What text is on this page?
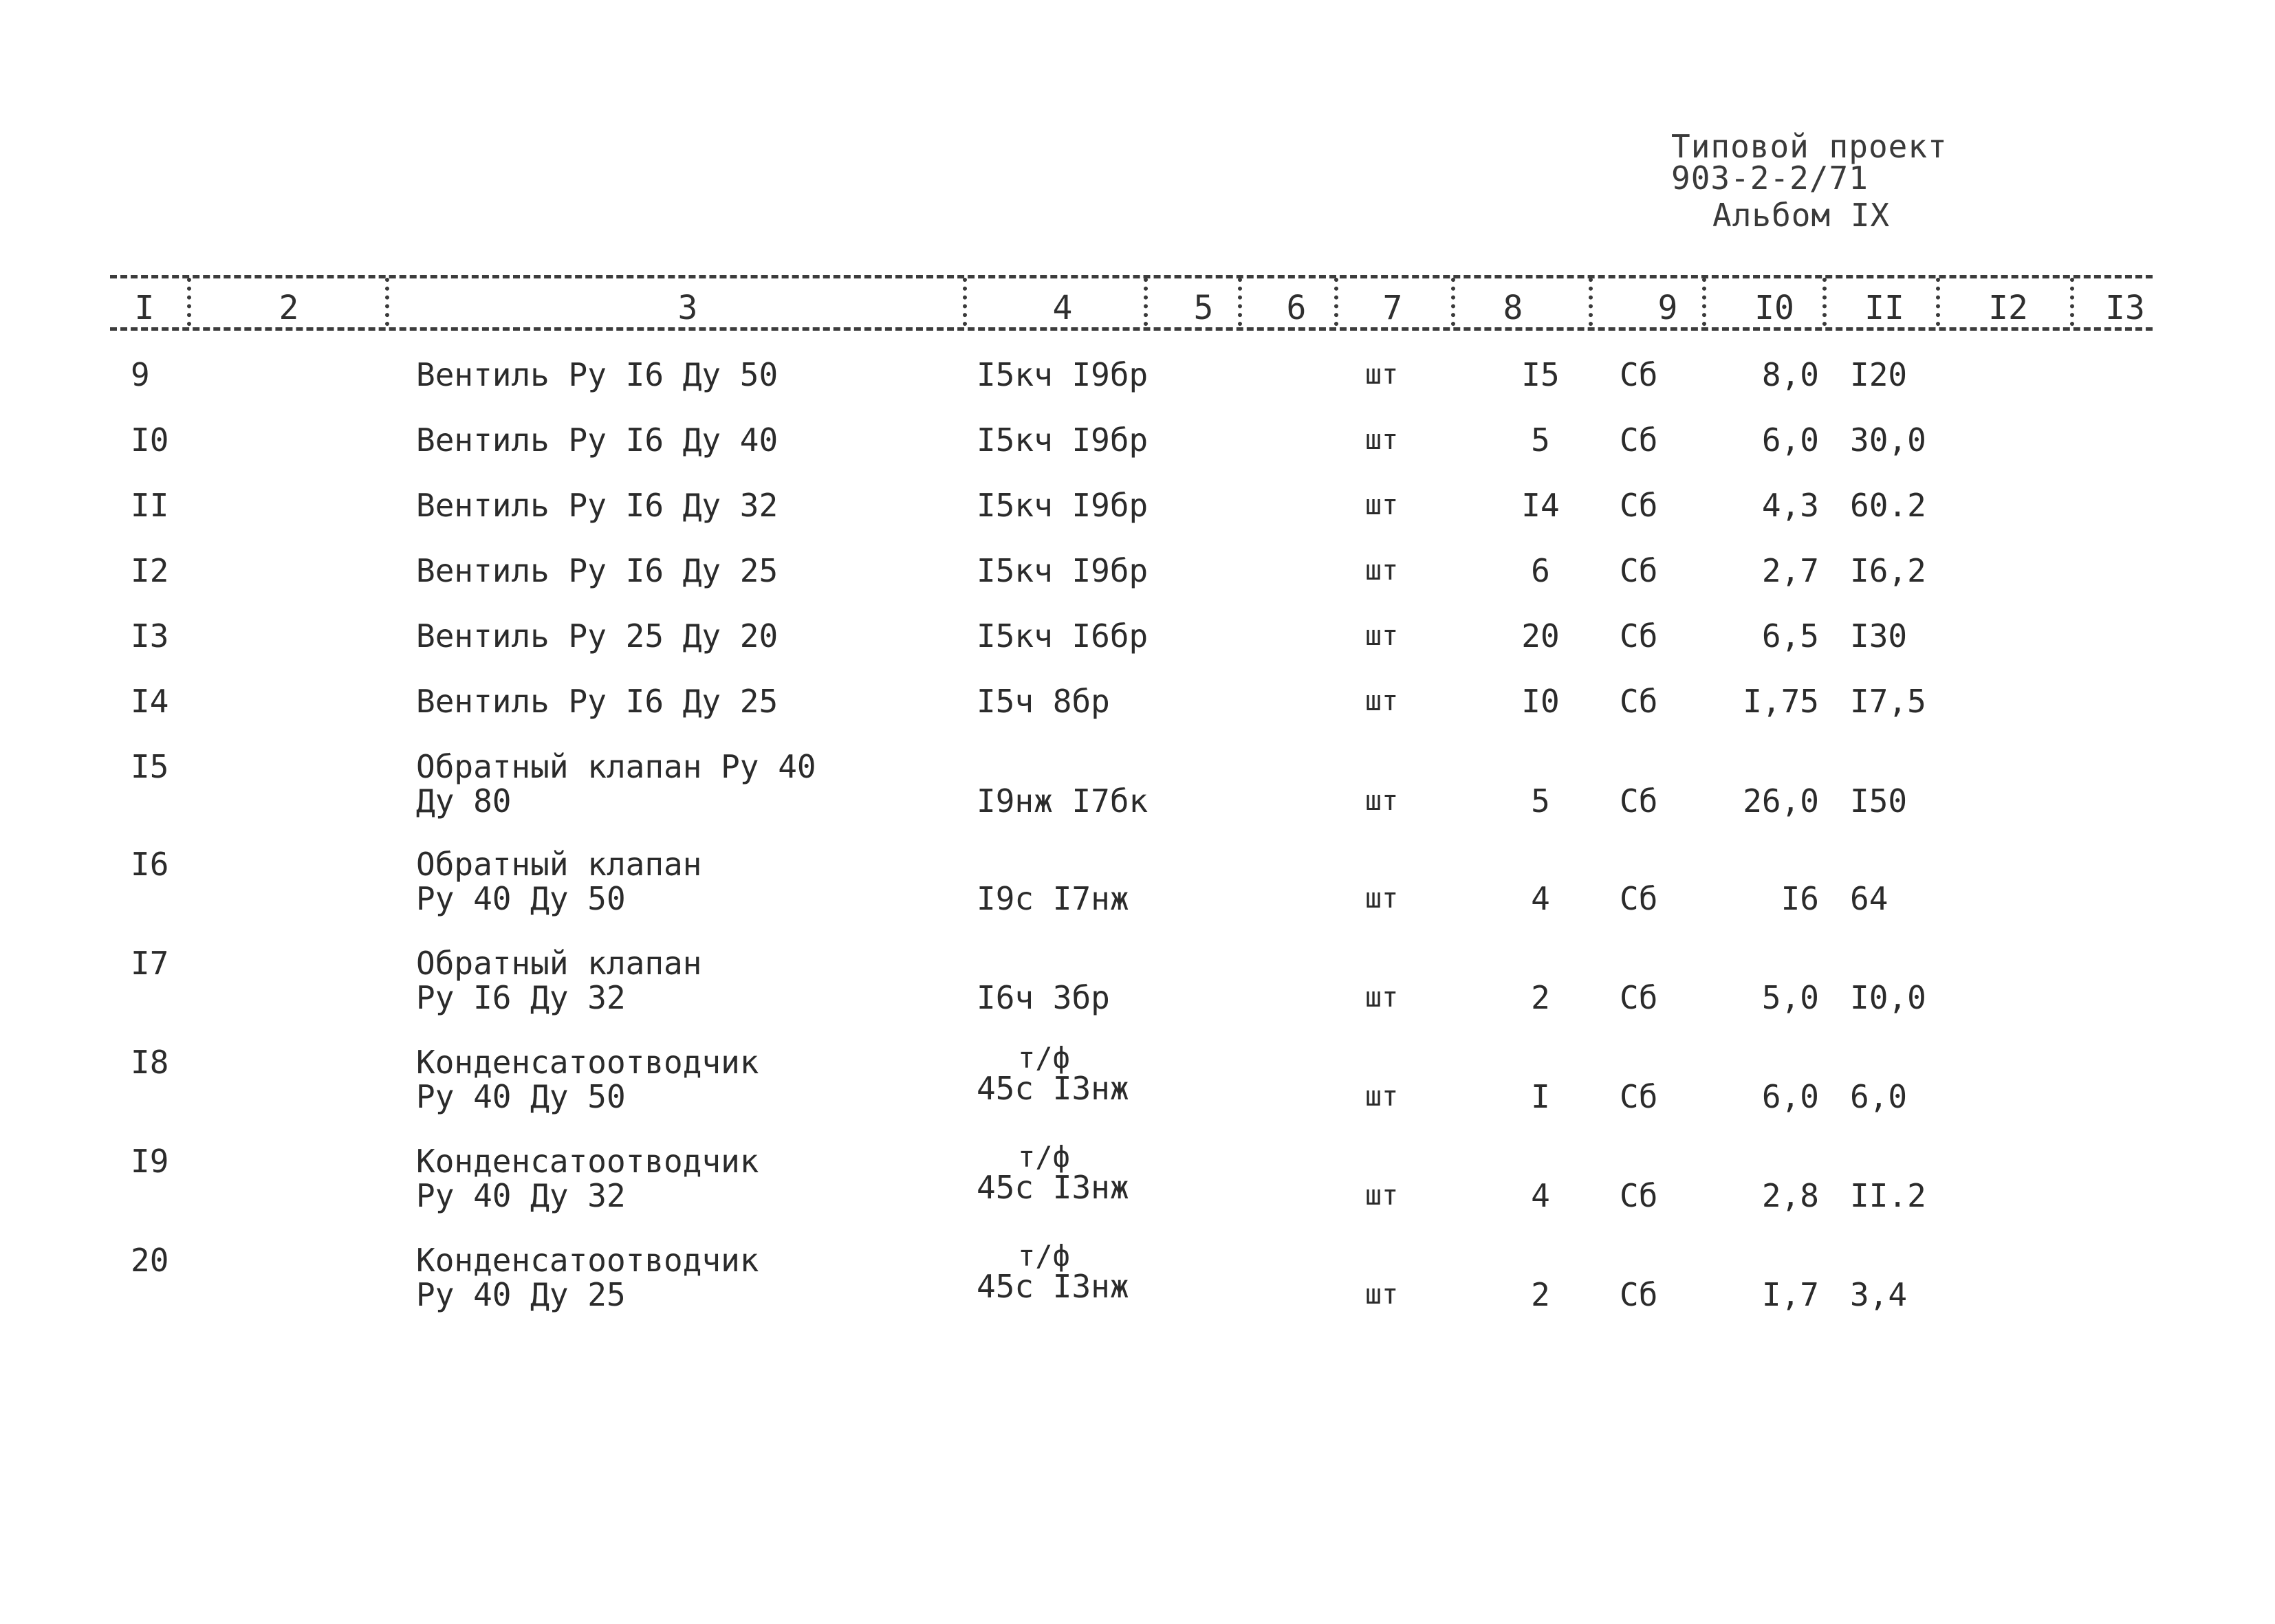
Типовой проект
903-2-2/71
Альбом IX
I	2	3	4	5 6 7	8	9 I0 II	I2 I3
9	Вентиль Ру I6 Ду 50	I5кч I9бр	шт	I5	Сб	8,0 I20
I0	Вентиль Ру I6 Ду 40	I5кч I9бр	шт	5	Сб	6,0 30,0
II	Вентиль Ру I6 Ду 32	I5кч I9бр	шт	I4	Сб	4,3 60.2
I2	Вентиль Ру I6 Ду 25	I5кч I9бр	шт	6	Сб	2,7 I6,2
I3	Вентиль Ру 25 Ду 20	I5кч I6бр	шт	20	Сб	6,5 I30
I4	Вентиль Ру I6 Ду 25	I5ч 8бр	шт	I0	Сб	I,75 I7,5
I5	Обратный клапан Ру 40
Ду 80	I9нж I7бк	шт	5	Сб	26,0 I50
I6	Обратный клапан
Ру 40 Ду 50	I9с I7нж	шт	4	Сб	I6 64
I7	Обратный клапан
Ру I6 Ду 32	I6ч 3бр	шт	2	Сб	5,0 I0,0
I8	Конденсатоотводчик
Ру 40 Ду 50
т/ф
45с I3нж	шт	I	Сб	6,0 6,0
I9	Конденсатоотводчик
Ру 40 Ду 32
т/ф
45с I3нж	шт	4	Сб	2,8 II.2
20	Конденсатоотводчик
Ру 40 Ду 25
т/ф
45с I3нж	шт	2	Сб	I,7 3,4
